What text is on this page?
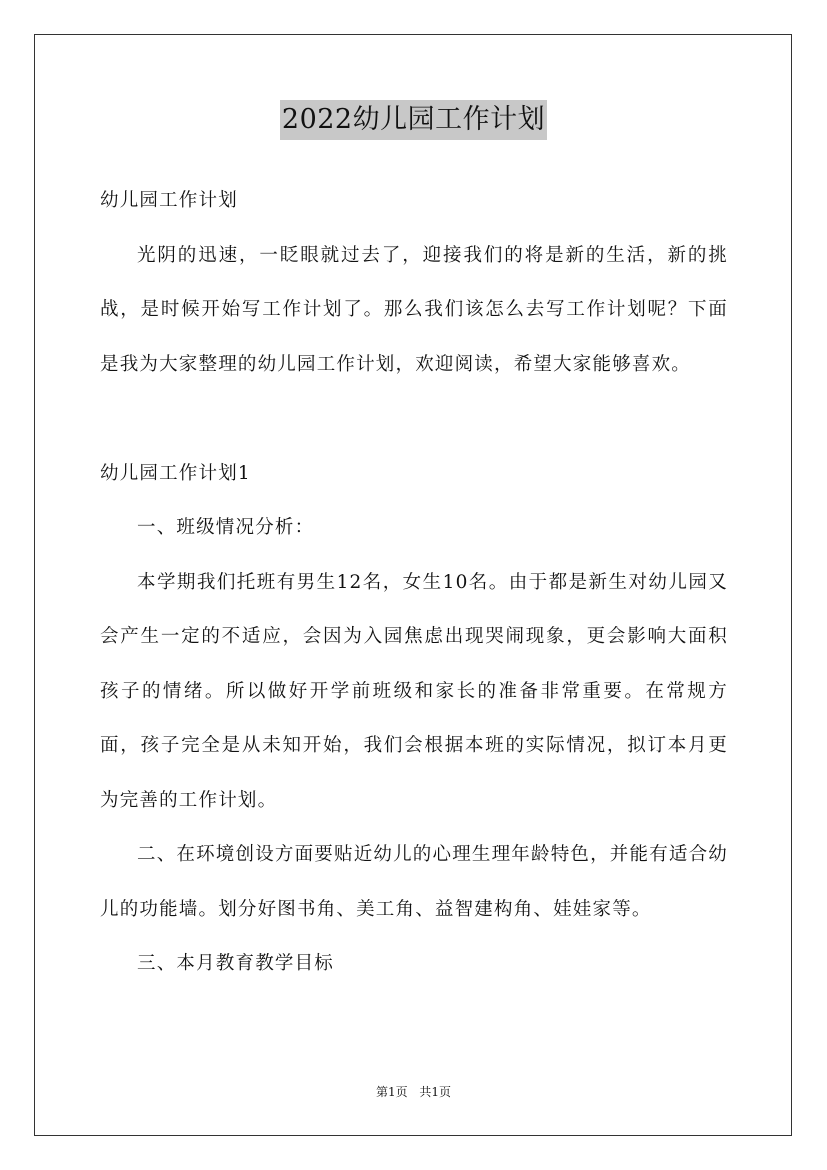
2022幼儿园工作计划

幼儿园工作计划

光阴的迅速，一眨眼就过去了，迎接我们的将是新的生活，新的挑战，是时候开始写工作计划了。那么我们该怎么去写工作计划呢？下面是我为大家整理的幼儿园工作计划，欢迎阅读，希望大家能够喜欢。

幼儿园工作计划1

一、班级情况分析：

本学期我们托班有男生12名，女生10名。由于都是新生对幼儿园又会产生一定的不适应，会因为入园焦虑出现哭闹现象，更会影响大面积孩子的情绪。所以做好开学前班级和家长的准备非常重要。在常规方面，孩子完全是从未知开始，我们会根据本班的实际情况，拟订本月更为完善的工作计划。

二、在环境创设方面要贴近幼儿的心理生理年龄特色，并能有适合幼儿的功能墙。划分好图书角、美工角、益智建构角、娃娃家等。

三、本月教育教学目标

第1页 共1页
